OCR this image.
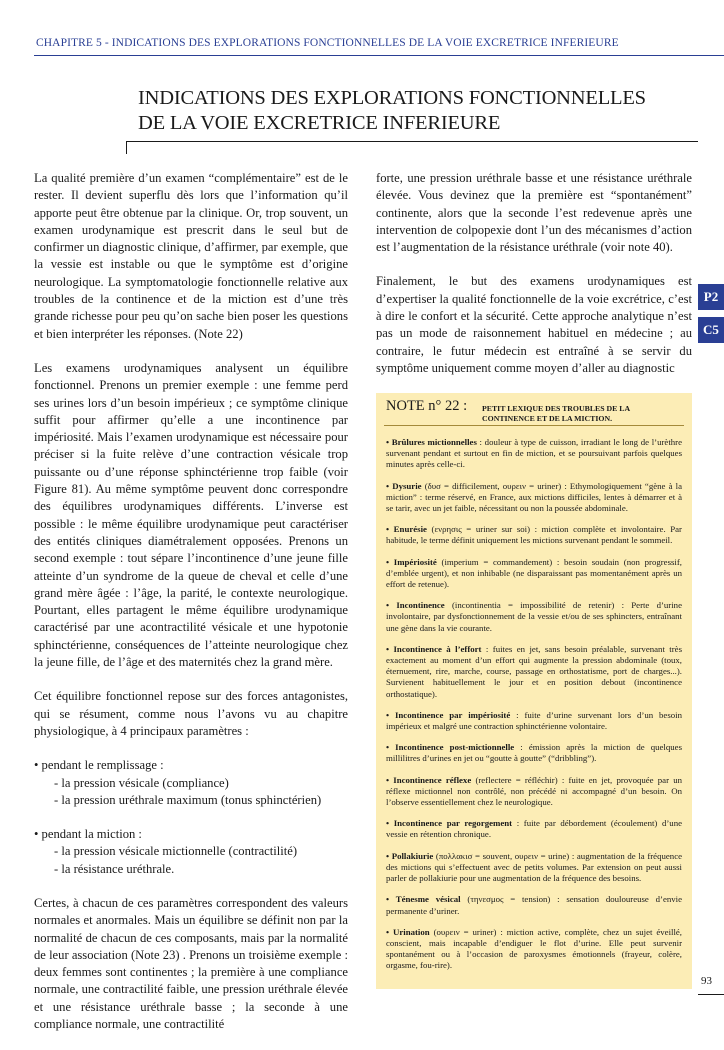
CHAPITRE 5 - INDICATIONS DES EXPLORATIONS FONCTIONNELLES DE LA VOIE EXCRETRICE INFERIEURE
INDICATIONS DES EXPLORATIONS FONCTIONNELLES
DE LA VOIE EXCRETRICE INFERIEURE

La qualité première d’un examen “complémentaire” est de le rester. Il devient superflu dès lors que l’information qu’il apporte peut être obtenue par la clinique. Or, trop souvent, un examen urodynamique est prescrit dans le seul but de confirmer un diagnostic clinique, d’affirmer, par exemple, que la vessie est instable ou que le symptôme est d’origine neurologique. La symptomatologie fonctionnelle relative aux troubles de la continence et de la miction est d’une très grande richesse pour peu qu’on sache bien poser les questions et bien interpréter les réponses. (Note 22)

Les examens urodynamiques analysent un équilibre fonctionnel. Prenons un premier exemple : une femme perd ses urines lors d’un besoin impérieux ; ce symptôme clinique suffit pour affirmer qu’elle a une incontinence par impériosité. Mais l’examen urodynamique est nécessaire pour préciser si la fuite relève d’une contraction vésicale trop puissante ou d’une réponse sphinctérienne trop faible (voir Figure 81). Au même symptôme peuvent donc correspondre des équilibres urodynamiques différents. L’inverse est possible : le même équilibre urodynamique peut caractériser des entités cliniques diamétralement opposées. Prenons un second exemple : tout sépare l’incontinence d’une jeune fille atteinte d’un syndrome de la queue de cheval et celle d’une grand mère âgée : l’âge, la parité, le contexte neurologique. Pourtant, elles partagent le même équilibre urodynamique caractérisé par une acontractilité vésicale et une hypotonie sphinctérienne, conséquences de l’atteinte neurologique chez la jeune fille, de l’âge et des maternités chez la grand mère.

Cet équilibre fonctionnel repose sur des forces antagonistes, qui se résument, comme nous l’avons vu au chapitre physiologique, à 4 principaux paramètres :

• pendant le remplissage :
- la pression vésicale (compliance)
- la pression uréthrale maximum (tonus sphinctérien)
• pendant la miction :
- la pression vésicale mictionnelle (contractilité)
- la résistance uréthrale.

Certes, à chacun de ces paramètres correspondent des valeurs normales et anormales. Mais un équilibre se définit non par la normalité de chacun de ces composants, mais par la normalité de leur association (Note 23) . Prenons un troisième exemple : deux femmes sont continentes ; la première à une compliance normale, une contractilité faible, une pression uréthrale élevée et une résistance uréthrale basse ; la seconde à une compliance normale, une contractilité

forte, une pression uréthrale basse et une résistance uréthrale élevée. Vous devinez que la première est “spontanément” continente, alors que la seconde l’est redevenue après une intervention de colpopexie dont l’un des mécanismes d’action est l’augmentation de la résistance uréthrale (voir note 40).

Finalement, le but des examens urodynamiques est d’expertiser la qualité fonctionnelle de la voie excrétrice, c’est à dire le confort et la sécurité. Cette approche analytique n’est pas un mode de raisonnement habituel en médecine ; au contraire, le futur médecin est entraîné à se servir du symptôme uniquement comme moyen d’aller au diagnostic

P2
C5
NOTE n° 22 : PETIT LEXIQUE DES TROUBLES DE LA CONTINENCE ET DE LA MICTION.
• Brûlures mictionnelles : douleur à type de cuisson, irradiant le long de l’urèthre survenant pendant et surtout en fin de miction, et se poursuivant parfois quelques minutes après celle-ci.
• Dysurie (δυσ = difficilement, ουρειν = uriner) : Ethymologiquement “gène à la miction” : terme réservé, en France, aux mictions difficiles, lentes à démarrer et à se tarir, avec un jet faible, nécessitant ou non la poussée abdominale.
• Enurésie (ενρησις = uriner sur soi) : miction complète et involontaire. Par habitude, le terme définit uniquement les mictions survenant pendant le sommeil.
• Impériosité (imperium = commandement) : besoin soudain (non progressif, d’emblée urgent), et non inhibable (ne disparaissant pas momentanément après un effort de retenue).
• Incontinence (incontinentia = impossibilité de retenir) : Perte d’urine involontaire, par dysfonctionnement de la vessie et/ou de ses sphincters, entraînant une gène dans la vie courante.
• Incontinence à l’effort : fuites en jet, sans besoin préalable, survenant très exactement au moment d’un effort qui augmente la pression abdominale (toux, éternuement, rire, marche, course, passage en orthostatisme, port de charges...). Survienent habituellement le jour et en position debout (incontinence orthostatique).
• Incontinence par impériosité : fuite d’urine survenant lors d’un besoin impérieux et malgré une contraction sphinctérienne volontaire.
• Incontinence post-mictionnelle : émission après la miction de quelques millilitres d’urines en jet ou “goutte à goutte” (“dribbling”).
• Incontinence réflexe (reflectere = réfléchir) : fuite en jet, provoquée par un réflexe mictionnel non contrôlé, non précédé ni accompagné d’un besoin. On l’observe essentiellement chez le neurologique.
• Incontinence par regorgement : fuite par débordement (écoulement) d’une vessie en rétention chronique.
• Pollakiurie (πολλακισ = souvent, ουρειν = urine) : augmentation de la fréquence des mictions qui s’effectuent avec de petits volumes. Par extension on peut aussi parler de pollakiurie pour une augmentation de la fréquence des besoins.
• Ténesme vésical (τηνεσμος = tension) : sensation douloureuse d’envie permanente d’uriner.
• Urination (ουρειν = uriner) : miction active, complète, chez un sujet éveillé, conscient, mais incapable d’endiguer le flot d’urine. Elle peut survenir spontanément ou à l’occasion de paroxysmes émotionnels (frayeur, colère, orgasme, fou-rire).
93
